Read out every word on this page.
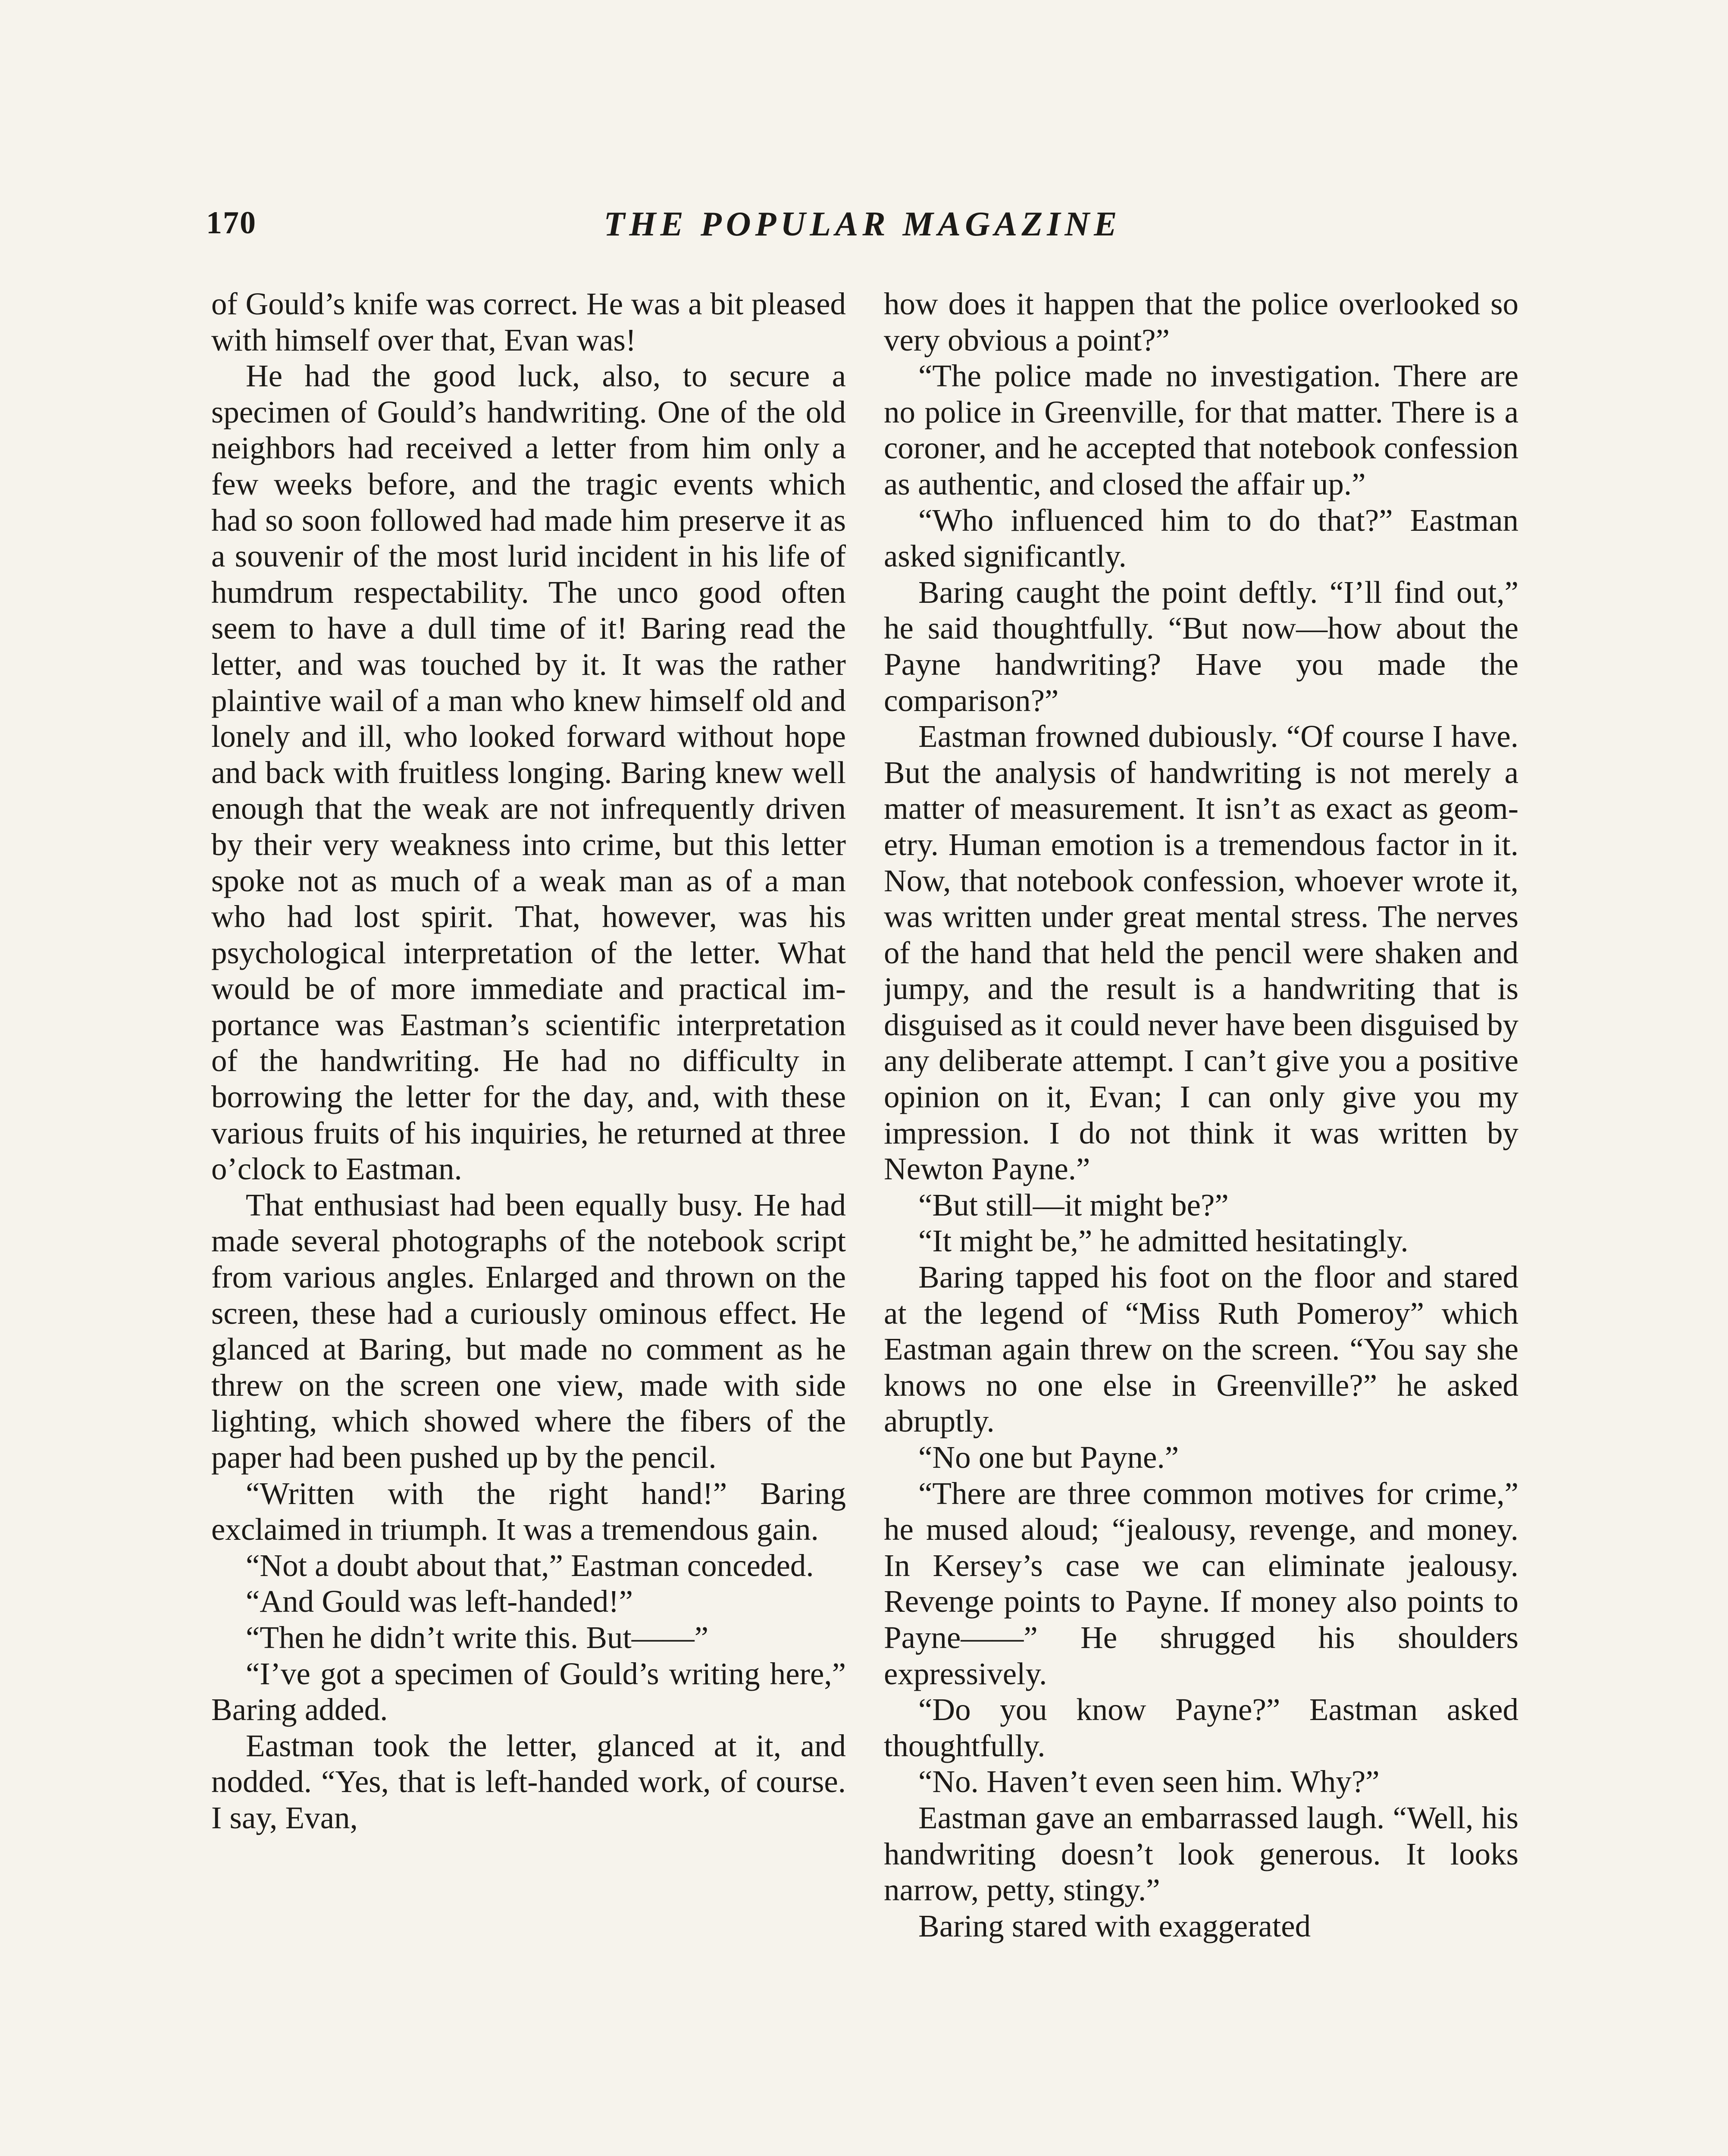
170	THE POPULAR MAGAZINE

of Gould’s knife was correct. He was a bit pleased with himself over that, Evan was!

He had the good luck, also, to secure a specimen of Gould’s handwriting. One of the old neighbors had received a letter from him only a few weeks before, and the tragic events which had so soon followed had made him preserve it as a souvenir of the most lurid incident in his life of humdrum respectability. The unco good often seem to have a dull time of it! Baring read the letter, and was touched by it. It was the rather plaintive wail of a man who knew himself old and lonely and ill, who looked forward without hope and back with fruitless longing. Baring knew well enough that the weak are not infrequently driven by their very weakness into crime, but this letter spoke not as much of a weak man as of a man who had lost spirit. That, however, was his psychological interpretation of the letter. What would be of more immediate and practical importance was Eastman’s scientific interpretation of the handwriting. He had no difficulty in borrowing the letter for the day, and, with these various fruits of his inquiries, he returned at three o’clock to Eastman.

That enthusiast had been equally busy. He had made several photographs of the notebook script from various angles. Enlarged and thrown on the screen, these had a curiously ominous effect. He glanced at Baring, but made no comment as he threw on the screen one view, made with side lighting, which showed where the fibers of the paper had been pushed up by the pencil.

“Written with the right hand!” Baring exclaimed in triumph. It was a tremendous gain.

“Not a doubt about that,” Eastman conceded.

“And Gould was left-handed!”

“Then he didn’t write this. But——”

“I’ve got a specimen of Gould’s writing here,” Baring added.

Eastman took the letter, glanced at it, and nodded. “Yes, that is left-handed work, of course. I say, Evan,

how does it happen that the police overlooked so very obvious a point?”

“The police made no investigation. There are no police in Greenville, for that matter. There is a coroner, and he accepted that notebook confession as authentic, and closed the affair up.”

“Who influenced him to do that?” Eastman asked significantly.

Baring caught the point deftly. “I’ll find out,” he said thoughtfully. “But now—how about the Payne handwriting? Have you made the comparison?”

Eastman frowned dubiously. “Of course I have. But the analysis of handwriting is not merely a matter of measurement. It isn’t as exact as geometry. Human emotion is a tremendous factor in it. Now, that notebook confession, whoever wrote it, was written under great mental stress. The nerves of the hand that held the pencil were shaken and jumpy, and the result is a handwriting that is disguised as it could never have been disguised by any deliberate attempt. I can’t give you a positive opinion on it, Evan; I can only give you my impression. I do not think it was written by Newton Payne.”

“But still—it might be?”

“It might be,” he admitted hesitatingly.

Baring tapped his foot on the floor and stared at the legend of “Miss Ruth Pomeroy” which Eastman again threw on the screen. “You say she knows no one else in Greenville?” he asked abruptly.

“No one but Payne.”

“There are three common motives for crime,” he mused aloud; “jealousy, revenge, and money. In Kersey’s case we can eliminate jealousy. Revenge points to Payne. If money also points to Payne——” He shrugged his shoulders expressively.

“Do you know Payne?” Eastman asked thoughtfully.

“No. Haven’t even seen him. Why?”

Eastman gave an embarrassed laugh. “Well, his handwriting doesn’t look generous. It looks narrow, petty, stingy.”

Baring stared with exaggerated
